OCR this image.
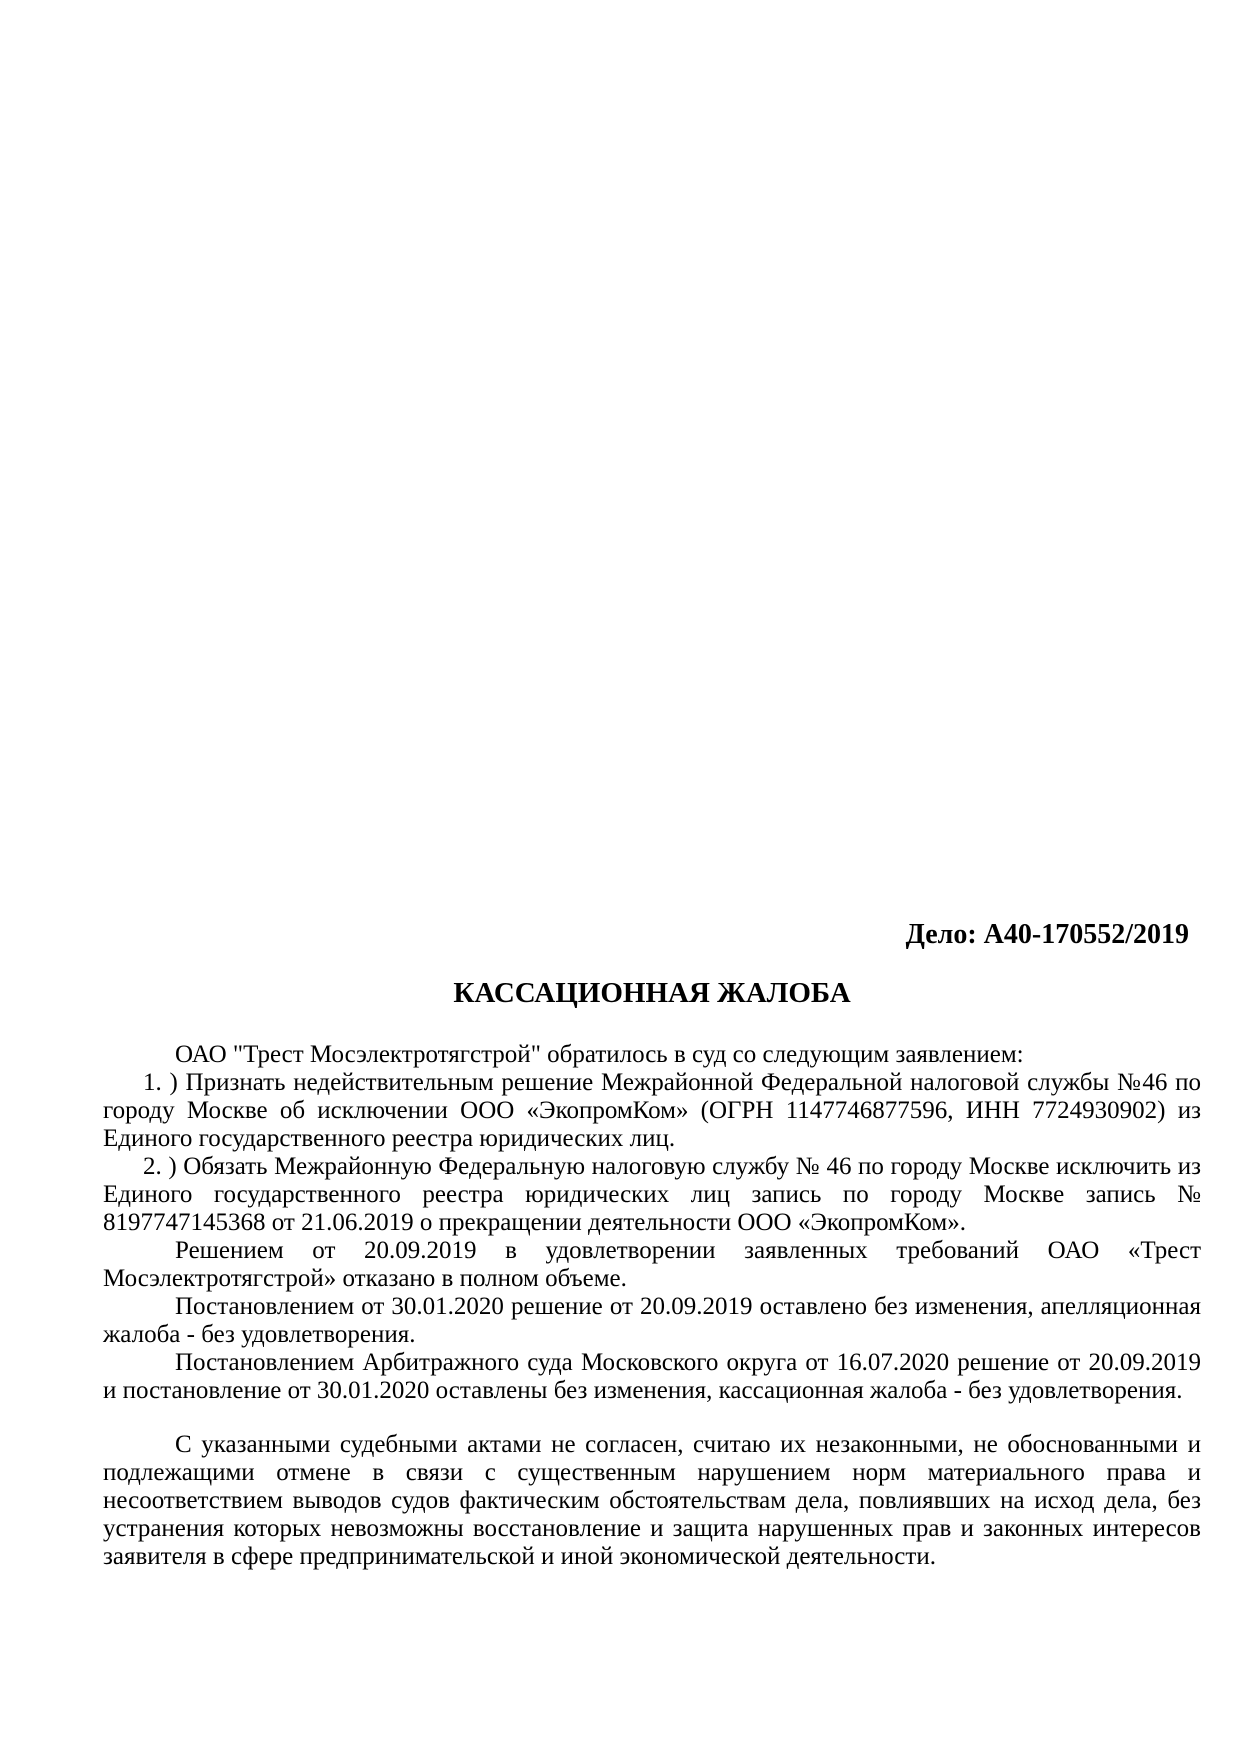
Дело: А40-170552/2019
КАССАЦИОННАЯ ЖАЛОБА

ОАО "Трест Мосэлектротягстрой" обратилось в суд со следующим заявлением:

1. ) Признать недействительным решение Межрайонной Федеральной налоговой службы №46 по городу Москве об исключении ООО «ЭкопромКом» (ОГРН 1147746877596, ИНН 7724930902) из Единого государственного реестра юридических лиц.

2. ) Обязать Межрайонную Федеральную налоговую службу № 46 по городу Москве исключить из Единого государственного реестра юридических лиц запись по городу Москве запись № 8197747145368 от 21.06.2019 о прекращении деятельности ООО «ЭкопромКом».

Решением от 20.09.2019 в удовлетворении заявленных требований ОАО «Трест Мосэлектротягстрой» отказано в полном объеме.

Постановлением от 30.01.2020 решение от 20.09.2019 оставлено без изменения, апелляционная жалоба - без удовлетворения.

Постановлением Арбитражного суда Московского округа от 16.07.2020 решение от 20.09.2019 и постановление от 30.01.2020 оставлены без изменения, кассационная жалоба - без удовлетворения.

С указанными судебными актами не согласен, считаю их незаконными, не обоснованными и подлежащими отмене в связи с существенным нарушением норм материального права и несоответствием выводов судов фактическим обстоятельствам дела, повлиявших на исход дела, без устранения которых невозможны восстановление и защита нарушенных прав и законных интересов заявителя в сфере предпринимательской и иной экономической деятельности.
